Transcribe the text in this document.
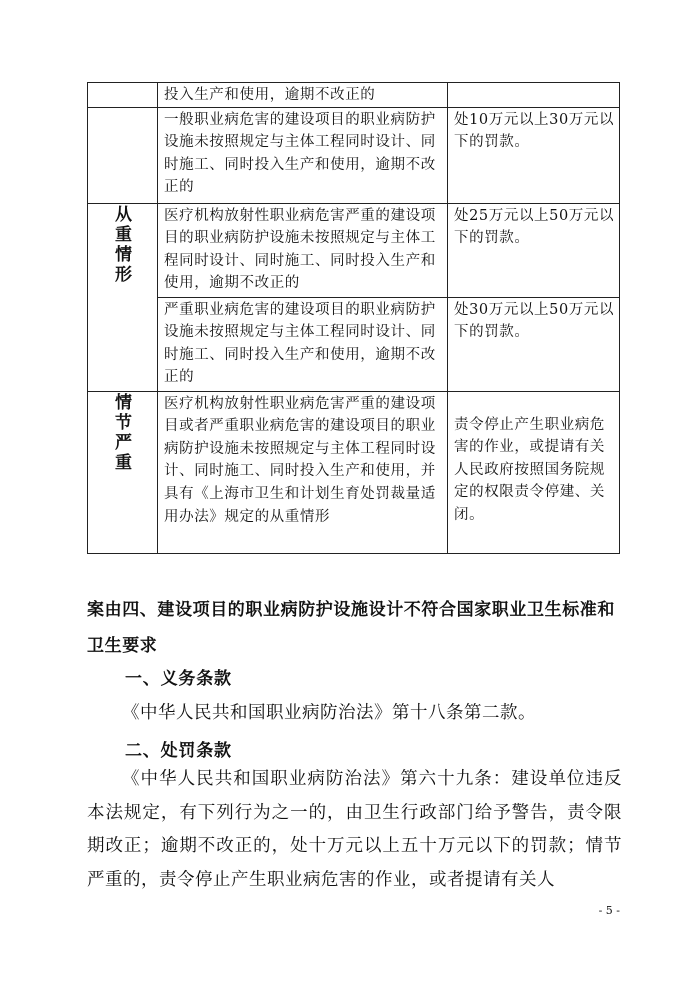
	投入生产和使用，逾期不改正的	

	一般职业病危害的建设项目的职业病防护设施未按照规定与主体工程同时设计、同时施工、同时投入生产和使用，逾期不改正的	处10万元以上30万元以下的罚款。

从重情形	医疗机构放射性职业病危害严重的建设项目的职业病防护设施未按照规定与主体工程同时设计、同时施工、同时投入生产和使用，逾期不改正的	处25万元以上50万元以下的罚款。

	严重职业病危害的建设项目的职业病防护设施未按照规定与主体工程同时设计、同时施工、同时投入生产和使用，逾期不改正的	处30万元以上50万元以下的罚款。

情节严重	医疗机构放射性职业病危害严重的建设项目或者严重职业病危害的建设项目的职业病防护设施未按照规定与主体工程同时设计、同时施工、同时投入生产和使用，并具有《上海市卫生和计划生育处罚裁量适用办法》规定的从重情形	责令停止产生职业病危害的作业，或提请有关人民政府按照国务院规定的权限责令停建、关闭。
案由四、建设项目的职业病防护设施设计不符合国家职业卫生标准和卫生要求
一、义务条款
《中华人民共和国职业病防治法》第十八条第二款。
二、处罚条款
《中华人民共和国职业病防治法》第六十九条：建设单位违反本法规定，有下列行为之一的，由卫生行政部门给予警告，责令限期改正；逾期不改正的，处十万元以上五十万元以下的罚款；情节严重的，责令停止产生职业病危害的作业，或者提请有关人
- 5 -
